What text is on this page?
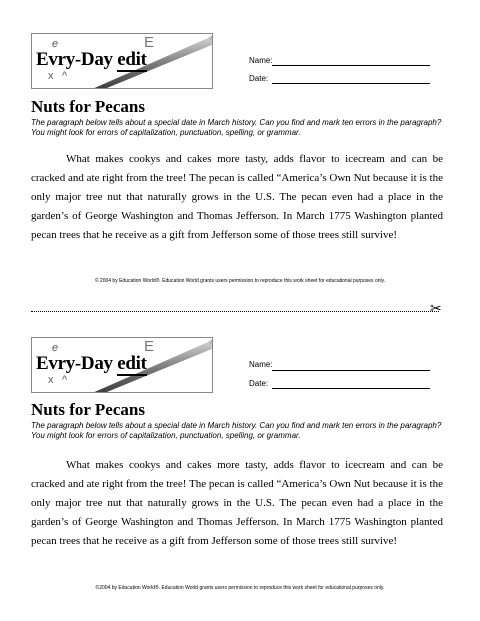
e	E
Evry-Day edit
x ^
Name:
Date:
Nuts for Pecans

The paragraph below tells about a special date in March history. Can you find and mark ten errors in the paragraph? You might look for errors of capitalization, punctuation, spelling, or grammar.

What makes cookys and cakes more tasty, adds flavor to icecream and can be cracked and ate right from the tree! The pecan is called “America’s Own Nut because it is the only major tree nut that naturally grows in the U.S. The pecan even had a place in the garden’s of George Washington and Thomas Jefferson. In March 1775 Washington planted pecan trees that he receive as a gift from Jefferson some of those trees still survive!

© 2004 by Education World®. Education World grants users permission to reproduce this work sheet for educational purposes only.
✂
e	E
Evry-Day edit
x ^
Name:
Date:
Nuts for Pecans

The paragraph below tells about a special date in March history. Can you find and mark ten errors in the paragraph? You might look for errors of capitalization, punctuation, spelling, or grammar.

What makes cookys and cakes more tasty, adds flavor to icecream and can be cracked and ate right from the tree! The pecan is called “America’s Own Nut because it is the only major tree nut that naturally grows in the U.S. The pecan even had a place in the garden’s of George Washington and Thomas Jefferson. In March 1775 Washington planted pecan trees that he receive as a gift from Jefferson some of those trees still survive!

©2004 by Education World®. Education World grants users permission to reproduce this work sheet for educational purposes only.
